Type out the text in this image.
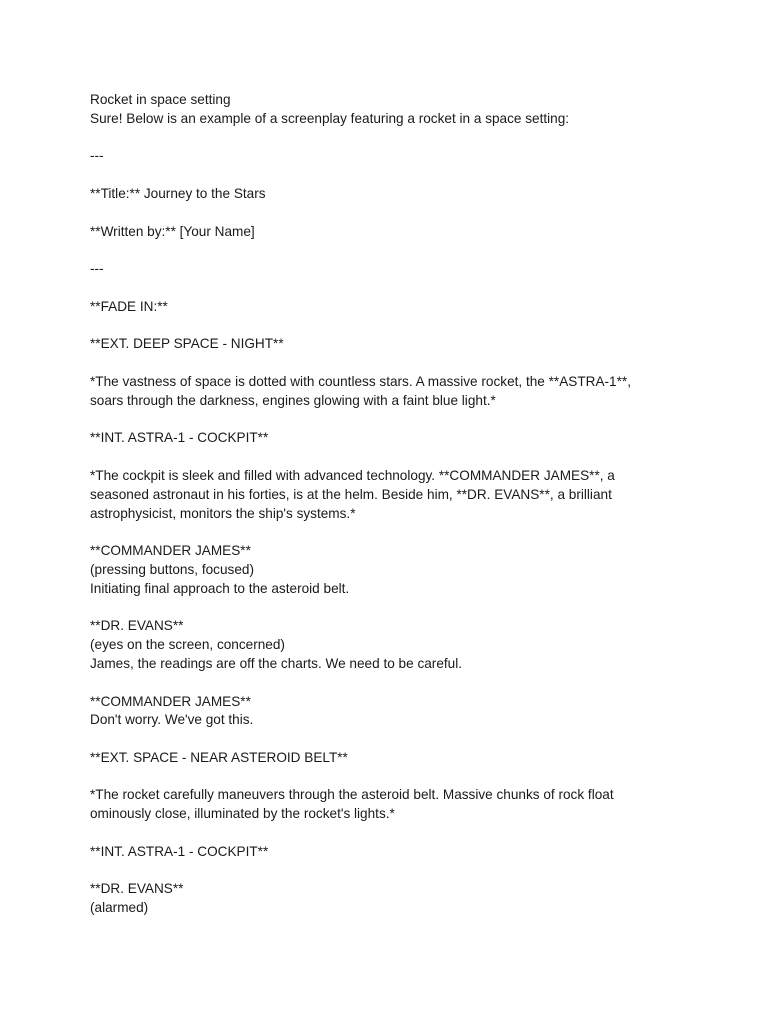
Rocket in space setting
Sure! Below is an example of a screenplay featuring a rocket in a space setting:
---
**Title:** Journey to the Stars
**Written by:** [Your Name]
---
**FADE IN:**
**EXT. DEEP SPACE - NIGHT**
*The vastness of space is dotted with countless stars. A massive rocket, the **ASTRA-1**,
soars through the darkness, engines glowing with a faint blue light.*
**INT. ASTRA-1 - COCKPIT**
*The cockpit is sleek and filled with advanced technology. **COMMANDER JAMES**, a
seasoned astronaut in his forties, is at the helm. Beside him, **DR. EVANS**, a brilliant
astrophysicist, monitors the ship's systems.*
**COMMANDER JAMES**
(pressing buttons, focused)
Initiating final approach to the asteroid belt.
**DR. EVANS**
(eyes on the screen, concerned)
James, the readings are off the charts. We need to be careful.
**COMMANDER JAMES**
Don't worry. We've got this.
**EXT. SPACE - NEAR ASTEROID BELT**
*The rocket carefully maneuvers through the asteroid belt. Massive chunks of rock float
ominously close, illuminated by the rocket's lights.*
**INT. ASTRA-1 - COCKPIT**
**DR. EVANS**
(alarmed)
